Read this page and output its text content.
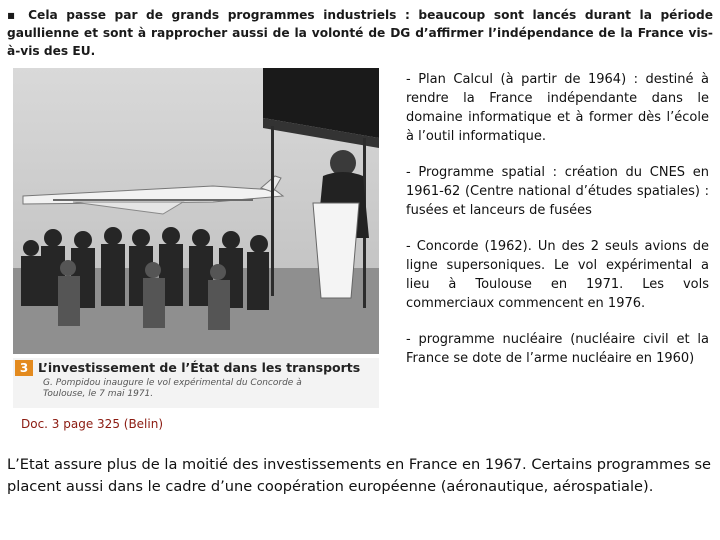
▪ Cela passe par de grands programmes industriels : beaucoup sont lancés durant la période gaullienne et sont à rapprocher aussi de la volonté de DG d’affirmer l’indépendance de la France vis-à-vis des EU.
3 L’investissement de l’État dans les transports
G. Pompidou inaugure le vol expérimental du Concorde à Toulouse, le 7 mai 1971.
Doc. 3 page 325 (Belin)

- Plan Calcul (à partir de 1964) : destiné à rendre la France indépendante dans le domaine informatique et à former dès l’école à l’outil informatique.

- Programme spatial : création du CNES en 1961-62 (Centre national d’études spatiales) : fusées et lanceurs de fusées

- Concorde (1962). Un des 2 seuls avions de ligne supersoniques. Le vol expérimental a lieu à Toulouse en 1971. Les vols commerciaux commencent en 1976.

- programme nucléaire (nucléaire civil et la France se dote de l’arme nucléaire en 1960)

L’Etat assure plus de la moitié des investissements en France en 1967. Certains programmes se placent aussi dans le cadre d’une coopération européenne (aéronautique, aérospatiale).
